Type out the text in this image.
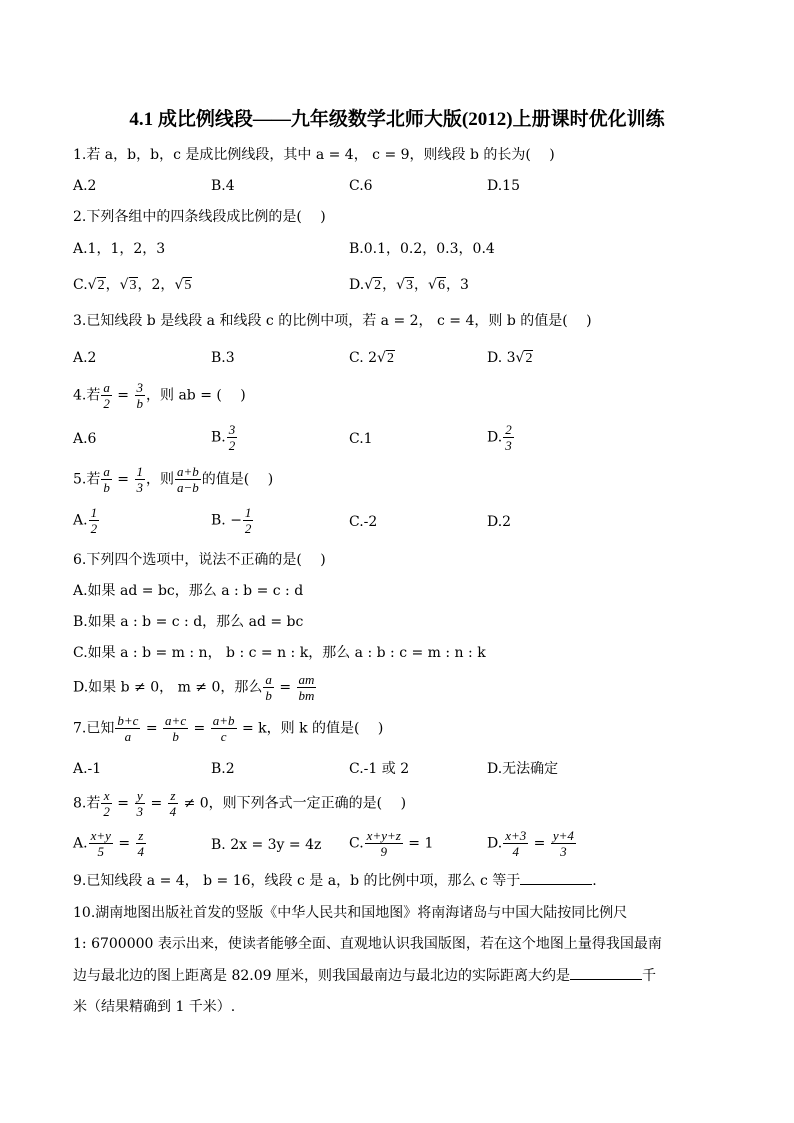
4.1 成比例线段——九年级数学北师大版(2012)上册课时优化训练
1.若 a，b，b，c 是成比例线段，其中 a = 4， c = 9，则线段 b 的长为(　 )
A.2	B.4	C.6	D.15
2.下列各组中的四条线段成比例的是(　 )
A.1，1，2，3	B.0.1，0.2，0.3，0.4
C.√2，√3，2，√5	D.√2，√3，√6，3
3.已知线段 b 是线段 a 和线段 c 的比例中项，若 a = 2， c = 4，则 b 的值是(　 )
A.2	B.3	C. 2√2	D. 3√2
4.若 $\frac{a}{2} = \frac{3}{b}$ ，则 ab = (　 )
A.6	B. $\frac{3}{2}$	C.1	D. $\frac{2}{3}$
5.若 $\frac{a}{b} = \frac{1}{3}$ ，则 $\frac{a+b}{a-b}$ 的值是(　 )
A. $\frac{1}{2}$	B. − $\frac{1}{2}$	C.-2	D.2
6.下列四个选项中，说法不正确的是(　 )
A.如果 ad = bc，那么 a : b = c : d
B.如果 a : b = c : d，那么 ad = bc
C.如果 a : b = m : n， b : c = n : k，那么 a : b : c = m : n : k
D.如果 b ≠ 0， m ≠ 0，那么 $\frac{a}{b} = \frac{am}{bm}$
7.已知 $\frac{b+c}{a} = \frac{a+c}{b} = \frac{a+b}{c} = k$，则 k 的值是(　 )
A.-1	B.2	C.-1 或 2	D.无法确定
8.若 $\frac{x}{2} = \frac{y}{3} = \frac{z}{4} \ne 0$，则下列各式一定正确的是(　 )
A. $\frac{x+y}{5} = \frac{z}{4}$	B. 2x = 3y = 4z C. $\frac{x+y+z}{9} = 1$	D. $\frac{x+3}{4} = \frac{y+4}{3}$
9.已知线段 a = 4， b = 16，线段 c 是 a，b 的比例中项，那么 c 等于	.
10.湖南地图出版社首发的竖版《中华人民共和国地图》将南海诸岛与中国大陆按同比例尺
1: 6700000 表示出来，使读者能够全面、直观地认识我国版图，若在这个地图上量得我国最南
边与最北边的图上距离是 82.09 厘米，则我国最南边与最北边的实际距离大约是	千
米（结果精确到 1 千米）.
